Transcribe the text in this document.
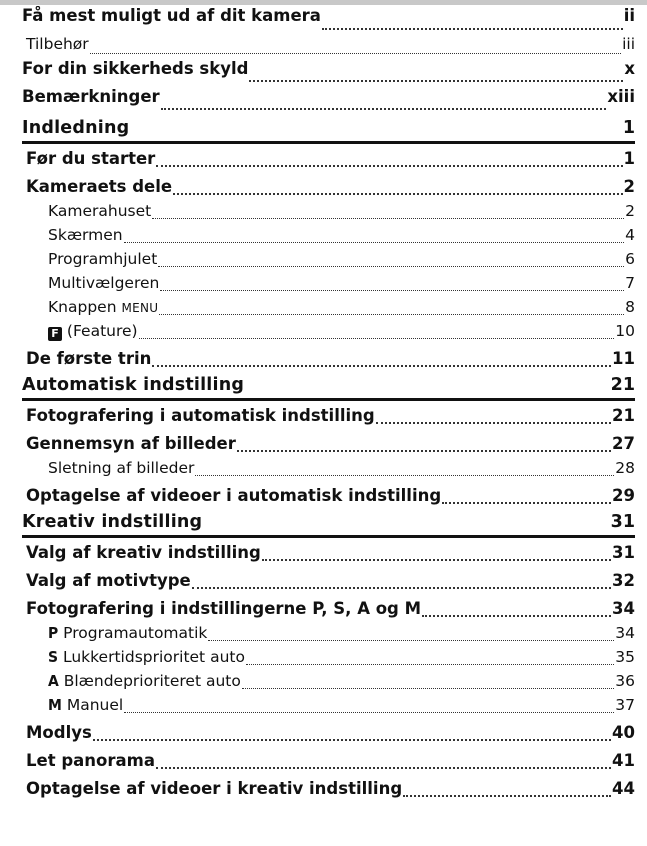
Få mest muligt ud af dit kamera	ii
Tilbehør	iii
For din sikkerheds skyld	x
Bemærkninger	xiii
Indledning	1
Før du starter	1
Kameraets dele	2
Kamerahuset	2
Skærmen	4
Programhjulet	6
Multivælgeren	7
Knappen MENU	8
F (Feature)	10
De første trin	11
Automatisk indstilling	21
Fotografering i automatisk indstilling	21
Gennemsyn af billeder	27
Sletning af billeder	28
Optagelse af videoer i automatisk indstilling	29
Kreativ indstilling	31
Valg af kreativ indstilling	31
Valg af motivtype	32
Fotografering i indstillingerne P, S, A og M	34
P Programautomatik	34
S Lukkertidsprioritet auto	35
A Blændeprioriteret auto	36
M Manuel	37
Modlys	40
Let panorama	41
Optagelse af videoer i kreativ indstilling	44
